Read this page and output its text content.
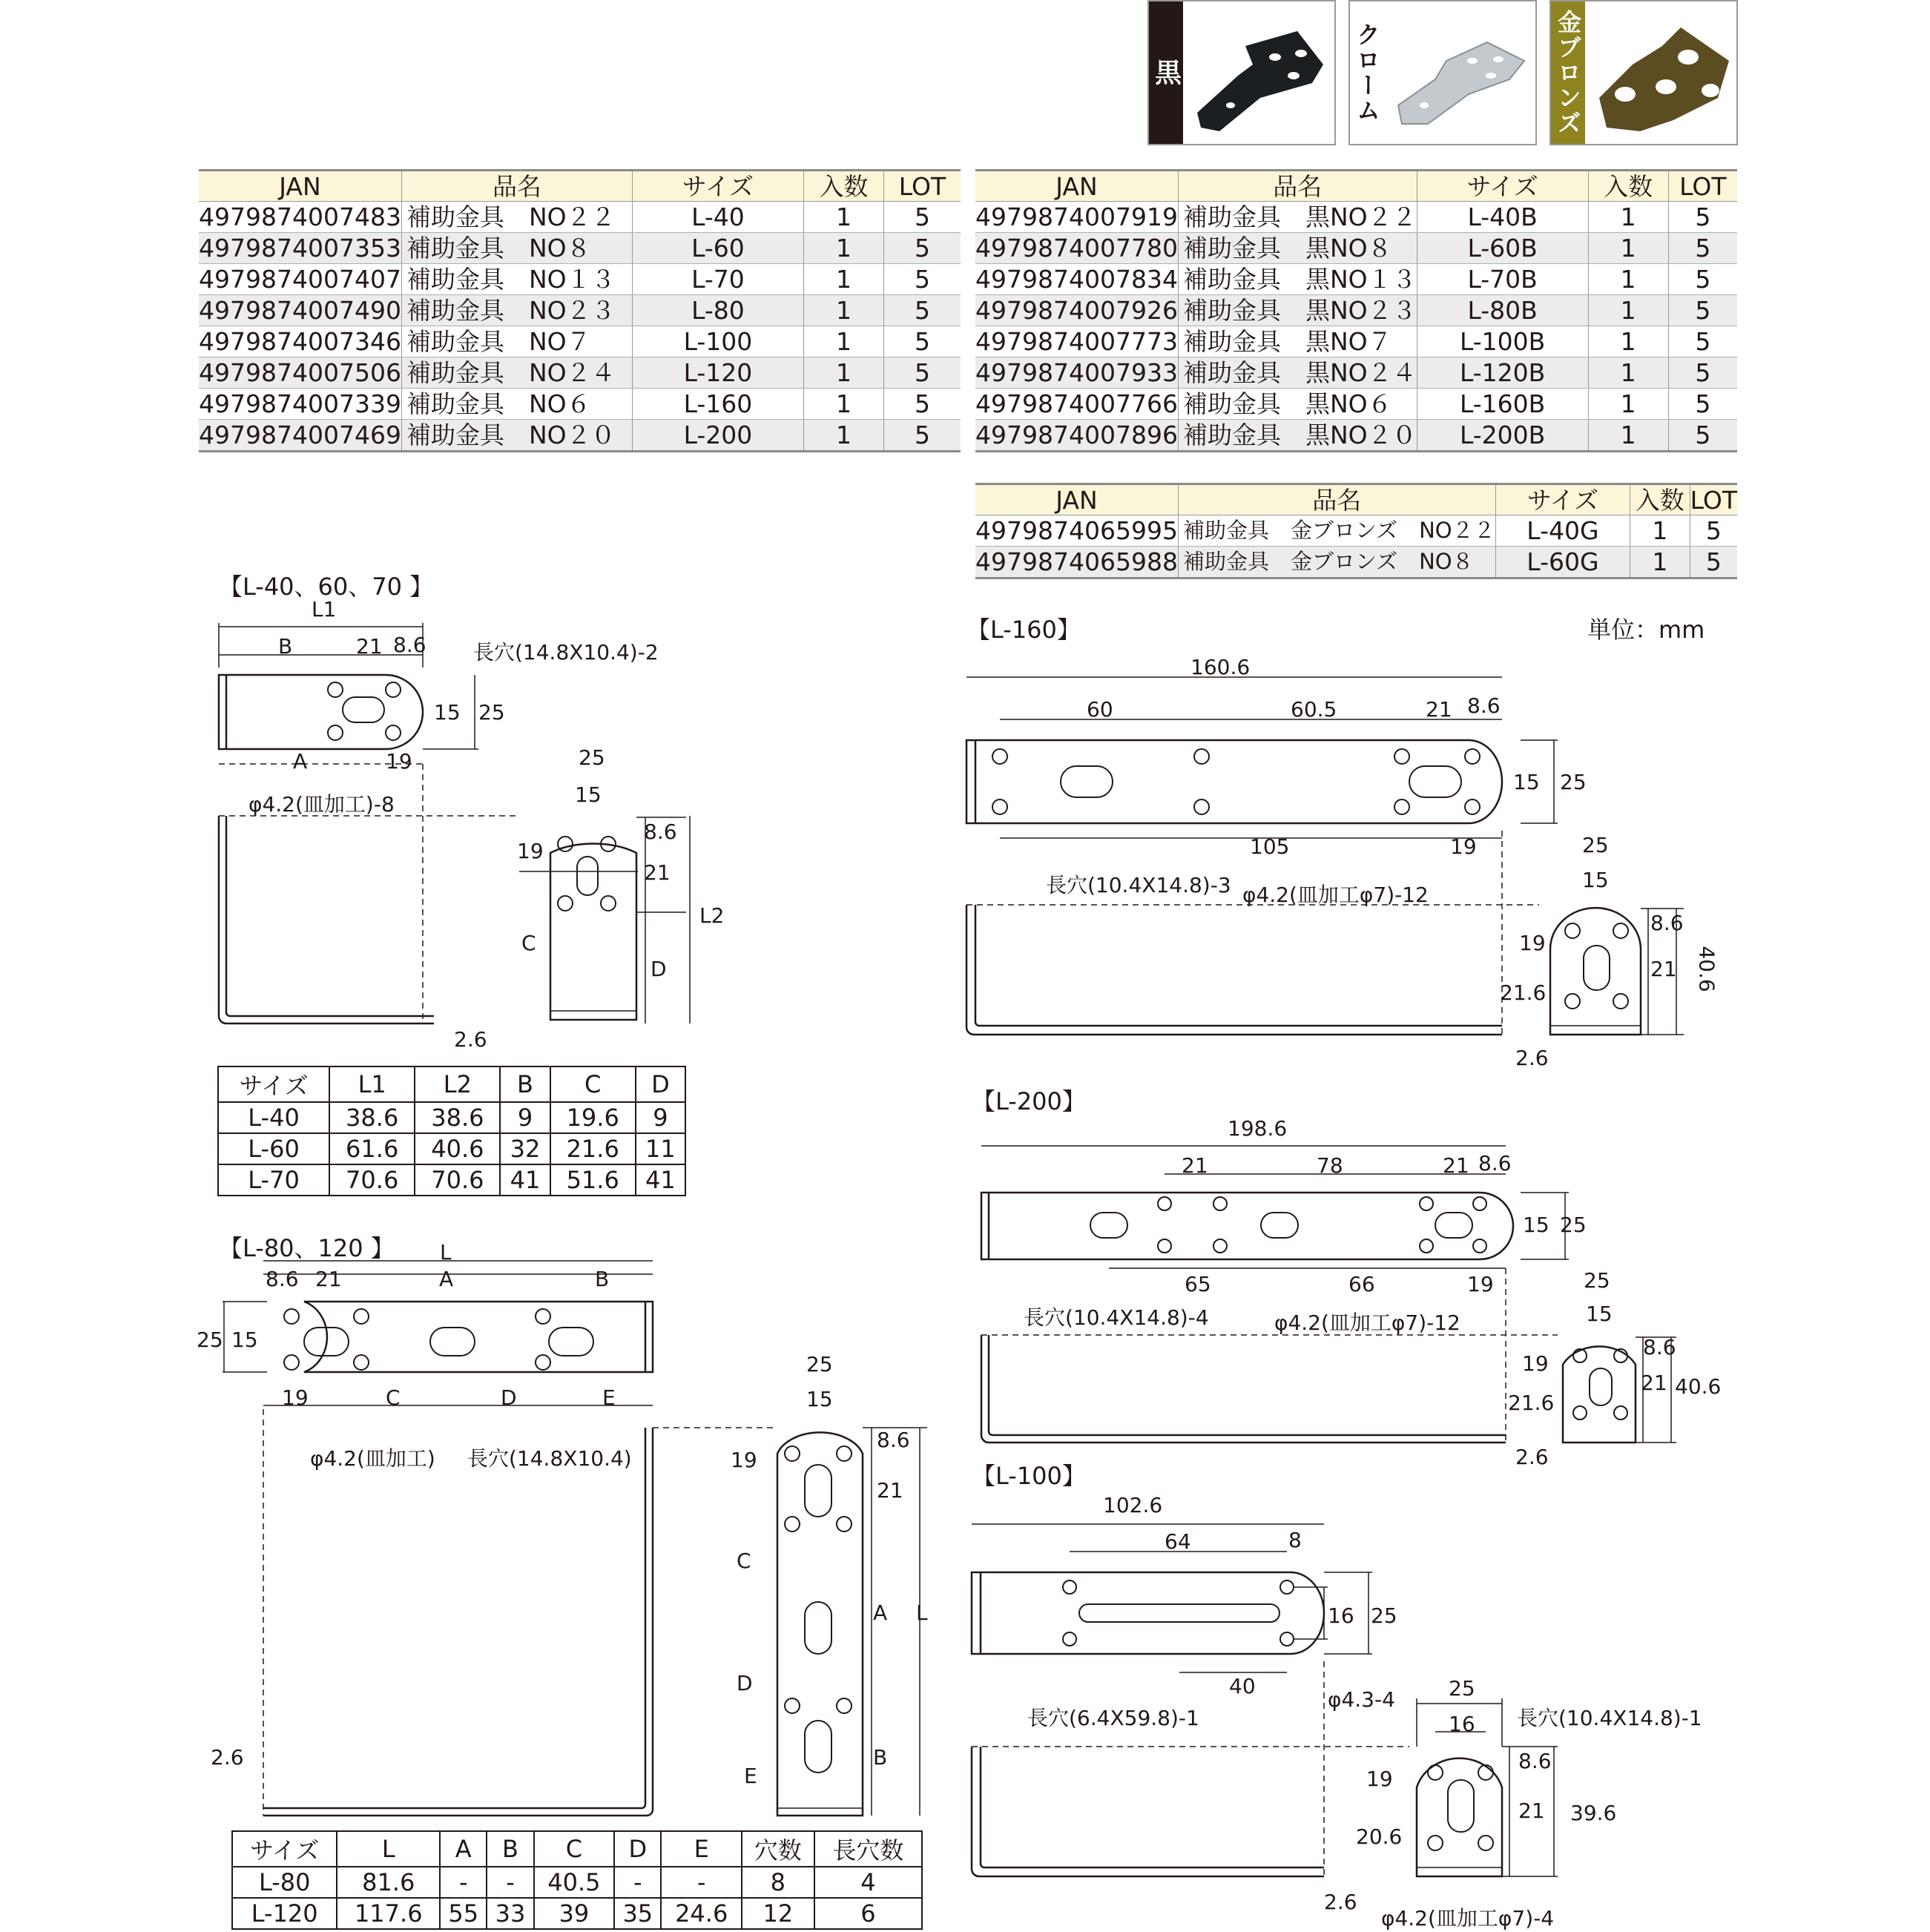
黒	クローム	金ブロンズ
JAN	品名	サイズ	入数	LOT
4979874007483	補助金具　NO２２	L-40	1	5
4979874007353	補助金具　NO８	L-60	1	5
4979874007407	補助金具　NO１３	L-70	1	5
4979874007490	補助金具　NO２３	L-80	1	5
4979874007346	補助金具　NO７	L-100	1	5
4979874007506	補助金具　NO２４	L-120	1	5
4979874007339	補助金具　NO６	L-160	1	5
4979874007469	補助金具　NO２０	L-200	1	5
JAN	品名	サイズ	入数	LOT
4979874007919	補助金具　黒NO２２	L-40B	1	5
4979874007780	補助金具　黒NO８	L-60B	1	5
4979874007834	補助金具　黒NO１３	L-70B	1	5
4979874007926	補助金具　黒NO２３	L-80B	1	5
4979874007773	補助金具　黒NO７	L-100B	1	5
4979874007933	補助金具　黒NO２４	L-120B	1	5
4979874007766	補助金具　黒NO６	L-160B	1	5
4979874007896	補助金具　黒NO２０	L-200B	1	5
JAN	品名	サイズ	入数	LOT
4979874065995	補助金具　金ブロンズ　NO２２	L-40G	1	5
4979874065988	補助金具　金ブロンズ　NO８	L-60G	1	5
単位：mm
【L-40、60、70 】
L1
B	21 8.6 長穴(14.8X10.4)-2
15 25
A	19
φ4.2(皿加工)-8
25
15
8.6
19
21
C
D
L2
2.6
サイズ	L1	L2	B	C	D
L-40	38.6	38.6	9	19.6	9
L-60	61.6	40.6	32	21.6	11
L-70	70.6	70.6	41	51.6	41
【L-80、120 】 L
8.6 21	A	B
25 15
19	C	D	E
φ4.2(皿加工) 長穴(14.8X10.4)
25
15
8.6
19
21
C
A L
D
E
B
2.6
サイズ	L	A	B	C	D	E	穴数	長穴数
L-80	81.6	-	-	40.5	-	-	8	4
L-120	117.6	55	33	39	35	24.6	12	6
【L-160】
160.6
60	60.5	21 8.6
15 25
105	19
長穴(10.4X14.8)-3 φ4.2(皿加工φ7)-12
25
15
8.6
19
21
21.6
40.6
2.6
【L-200】
198.6
21	78	21 8.6
15 25
65	66	19
長穴(10.4X14.8)-4	φ4.2(皿加工φ7)-12
25
15
8.6
19
21
21.6
40.6
2.6
【L-100】
102.6
64	8
16 25
40
長穴(6.4X59.8)-1
φ4.3-4	25
16 長穴(10.4X14.8)-1
8.6
19
21
20.6
39.6
2.6
φ4.2(皿加工φ7)-4
